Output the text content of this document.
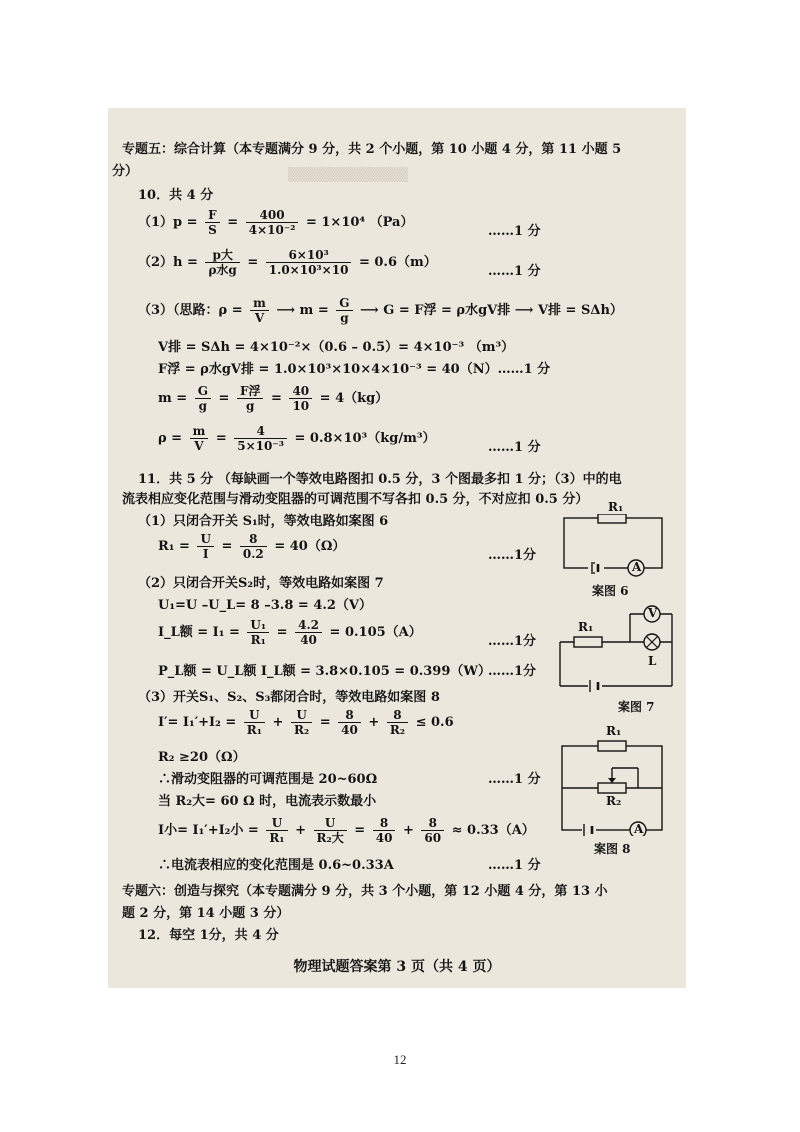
▒▒▒▒▒▒▒▒▒▒▒▒
专题五：综合计算（本专题满分 9 分，共 2 个小题，第 10 小题 4 分，第 11 小题 5
分）
10．共 4 分
$(1)p = \frac{F}{S} = \frac{400}{\text{4×10⁻²}} = 1\times 10^4$ （Pa）
……1 分
（2）h =	p大
ρ水$g = \frac{\text{6×10³}}{\text{1.0×10³×10}} = 0.6(m)$
……1 分
（3）（思路：$\rho = \frac{m}{V}$ ⟶ $m = \frac{G}{g}$ ⟶ G = F浮 = ρ水gV排 ⟶ V排 = SΔh）
V排 = SΔh = 4×10⁻²×（0.6 – 0.5）= 4×10⁻³ （m³）
F浮 = ρ水gV排 = 1.0×10³×10×4×10⁻³ = 40（N）……1 分
$m = \frac{G}{g} = F$浮
g	= $\frac{40}{10} = 4(kg)$
$\rho = \frac{m}{V} = \frac{4}{\text{5×10⁻³}} = 0.8\times 10^3(kg/m^3)$
……1 分
11．共 5 分 （每缺画一个等效电路图扣 0.5 分，3 个图最多扣 1 分；（3）中的电
流表相应变化范围与滑动变阻器的可调范围不写各扣 0.5 分，不对应扣 0.5 分）
（1）只闭合开关 S₁时，等效电路如案图 6
$R_1 = \frac{U}{I} = \frac{8}{0.2} = 40(\Omega)$
……1分
（2）只闭合开关S₂时，等效电路如案图 7
U₁=U –U_L= 8 –3.8 = 4.2（V）
I_L额 = $I_1 = \frac{\text{U₁}}{\text{R₁}} = \frac{4.2}{40} = 0.105(A)$
……1分
P_L额 = U_L额 I_L额 = 3.8×0.105 = 0.399（W）
……1分
（3）开关S₁、S₂、S₃都闭合时，等效电路如案图 8
$I'= I_1'+I_2 = \frac{U}{\text{R₁}} + \frac{U}{\text{R₂}} = \frac{8}{40} + \frac{8}{\text{R₂}} \le 0.6$
R₂ ≥20（Ω）
∴滑动变阻器的可调范围是 20~60Ω	……1 分
当 R₂大= 60 Ω 时，电流表示数最小
I小= I₁′+I₂小 = $\frac{U}{\text{R₁}}$ +	U
R₂大 = $\frac{8}{40} + \frac{8}{60} \approx 0.33(A)$
∴电流表相应的变化范围是 0.6~0.33A	……1 分
专题六：创造与探究（本专题满分 9 分，共 3 个小题，第 12 小题 4 分，第 13 小
题 2 分，第 14 小题 3 分）
12．每空 1分，共 4 分
R₁
A
案图 6
V
R₁
L
案图 7
R₁
R₂
A
案图 8
物理试题答案第 3 页（共 4 页）
12
